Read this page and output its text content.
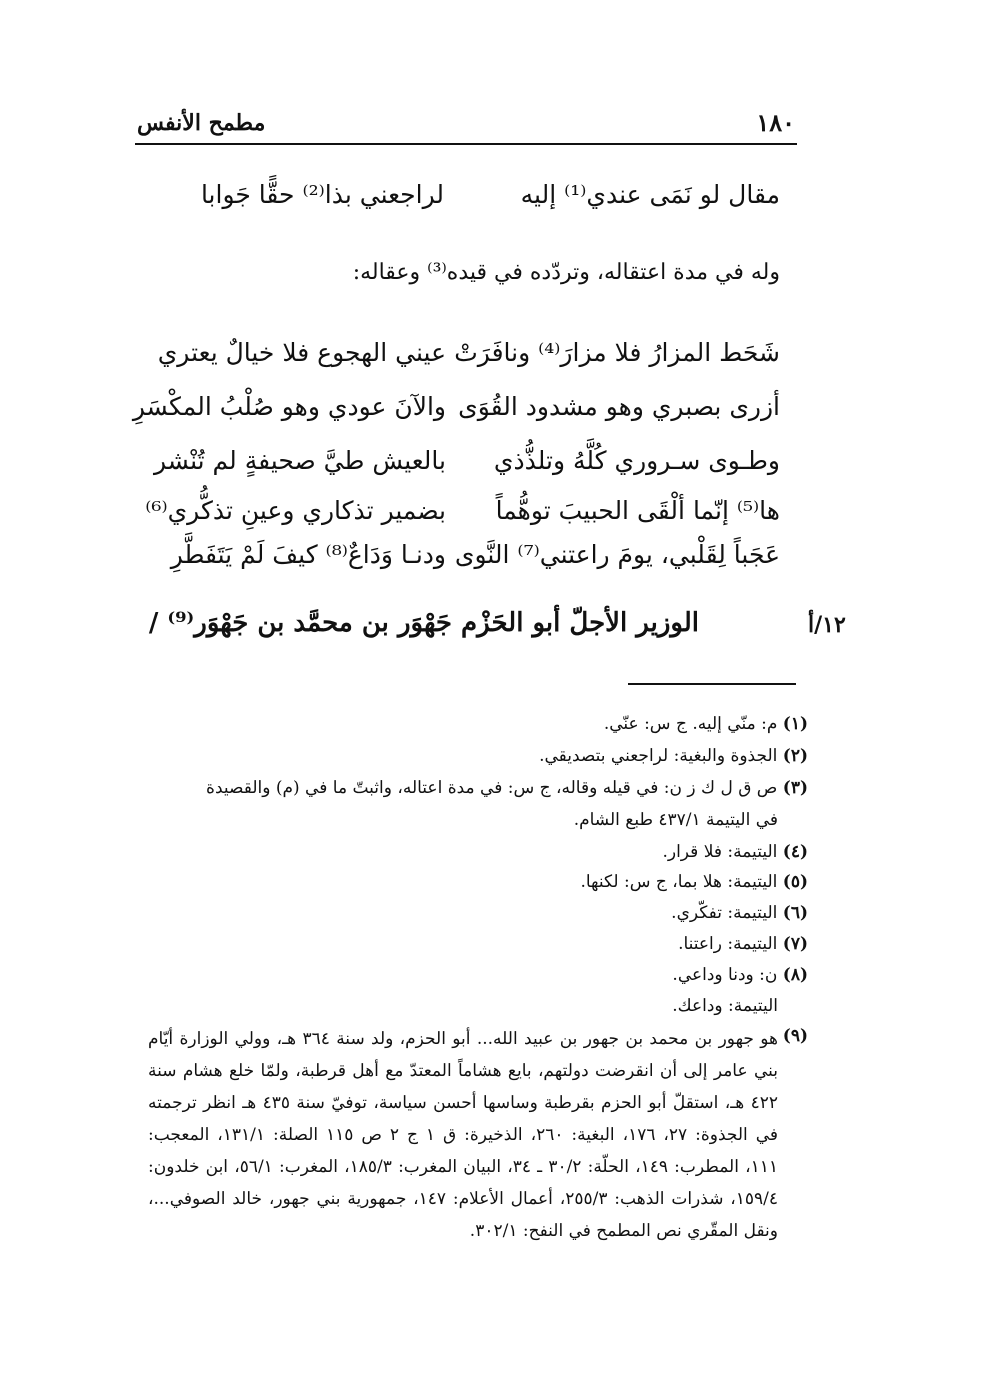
مطمح الأنفس	١٨٠
مقال لو نَمَى عندي⁽¹⁾ إليه
لراجعني بذا⁽²⁾ حقًّا جَوابا
وله في مدة اعتقاله، وتردّده في قيده⁽³⁾ وعقاله:
شَحَط المزارُ فلا مزارَ⁽⁴⁾ ونافَرَتْ
عيني الهجوع فلا خيالٌ يعتري
أزرى بصبري وهو مشدود القُوَى
والآنَ عودي وهو صُلْبُ المكْسَرِ
وطـوى سـروري كُلَّهُ وتلذُّذي
بالعيش طيَّ صحيفةٍ لم تُنْشر
ها⁽⁵⁾ إنّما ألْقَى الحبيبَ توهُّماً
بضمير تذكاري وعينِ تذكُّري⁽⁶⁾
عَجَباً لِقَلْبي، يومَ راعتني⁽⁷⁾ النَّوى
ودنـا وَدَاعٌ⁽⁸⁾ كيفَ لَمْ يَتَفَطَّرِ
الوزير الأجلّ أبو الحَزْم جَهْوَر بن محمَّد بن جَهْوَر⁽⁹⁾ /	١٢/أ
(١) م: منّي إليه. ج س: عنّي.
(٢) الجذوة والبغية: لراجعني بتصديقي.
(٣) ص ق ل ك ز ن: في قيله وقاله، ج س: في مدة اعتاله، واثبتّ ما في (م) والقصيدة
في اليتيمة ٤٣٧/١ طبع الشام.
(٤) اليتيمة: فلا قرار.
(٥) اليتيمة: هلا بما، ج س: لكنها.
(٦) اليتيمة: تفكّري.
(٧) اليتيمة: راعتنا.
(٨) ن: ودنا وداعي.
اليتيمة: وداعك.
(٩)
هو جهور بن محمد بن جهور بن عبيد الله... أبو الحزم، ولد سنة ٣٦٤ هـ، وولي الوزارة أيّام بني عامر إلى أن انقرضت دولتهم، بايع هشاماً المعتدّ مع أهل قرطبة، ولمّا خلع هشام سنة ٤٢٢ هـ، استقلّ أبو الحزم بقرطبة وساسها أحسن سياسة، توفيّ سنة ٤٣٥ هـ انظر ترجمته في الجذوة: ٢٧، ١٧٦، البغية: ٢٦٠، الذخيرة: ق ١ ج ٢ ص ١١٥ الصلة: ١٣١/١، المعجب: ١١١، المطرب: ١٤٩، الحلّة: ٣٠/٢ ـ ٣٤، البيان المغرب: ١٨٥/٣، المغرب: ٥٦/١، ابن خلدون: ١٥٩/٤، شذرات الذهب: ٢٥٥/٣، أعمال الأعلام: ١٤٧، جمهورية بني جهور، خالد الصوفي...، ونقل المقّري نص المطمح في النفح: ٣٠٢/١.
